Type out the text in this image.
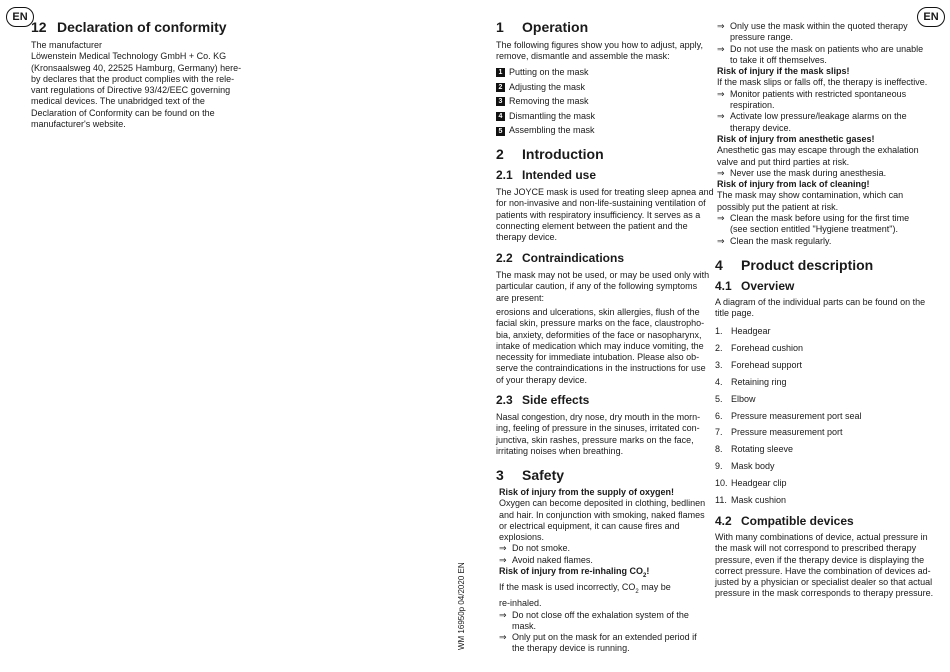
EN
12 Declaration of conformity
The manufacturer
Löwenstein Medical Technology GmbH + Co. KG
(Kronsaalsweg 40, 22525 Hamburg, Germany) here-
by declares that the product complies with the rele-
vant regulations of Directive 93/42/EEC governing
medical devices. The unabridged text of the
Declaration of Conformity can be found on the
manufacturer's website.
WM 16950p 04/2020 EN
1 Operation
The following figures show you how to adjust, apply,
remove, dismantle and assemble the mask:
1 Putting on the mask
2 Adjusting the mask
3 Removing the mask
4 Dismantling the mask
5 Assembling the mask
2 Introduction
2.1 Intended use
The JOYCE mask is used for treating sleep apnea and
for non-invasive and non-life-sustaining ventilation of
patients with respiratory insufficiency. It serves as a
connecting element between the patient and the
therapy device.
2.2 Contraindications
The mask may not be used, or may be used only with
particular caution, if any of the following symptoms
are present:
erosions and ulcerations, skin allergies, flush of the
facial skin, pressure marks on the face, claustropho-
bia, anxiety, deformities of the face or nasopharynx,
intake of medication which may induce vomiting, the
necessity for immediate intubation. Please also ob-
serve the contraindications in the instructions for use
of your therapy device.
2.3 Side effects
Nasal congestion, dry nose, dry mouth in the morn-
ing, feeling of pressure in the sinuses, irritated con-
junctiva, skin rashes, pressure marks on the face,
irritating noises when breathing.
3 Safety
Risk of injury from the supply of oxygen!
Oxygen can become deposited in clothing, bedlinen
and hair. In conjunction with smoking, naked flames
or electrical equipment, it can cause fires and
explosions.
⇒ Do not smoke.
⇒ Avoid naked flames.
Risk of injury from re-inhaling $CO_2$!
If the mask is used incorrectly, $CO_2$ may be
re-inhaled.
⇒ Do not close off the exhalation system of the
mask.
⇒ Only put on the mask for an extended period if
the therapy device is running.
EN
⇒ Only use the mask within the quoted therapy
pressure range.
⇒ Do not use the mask on patients who are unable
to take it off themselves.
Risk of injury if the mask slips!
If the mask slips or falls off, the therapy is ineffective.
⇒ Monitor patients with restricted spontaneous
respiration.
⇒ Activate low pressure/leakage alarms on the
therapy device.
Risk of injury from anesthetic gases!
Anesthetic gas may escape through the exhalation
valve and put third parties at risk.
⇒ Never use the mask during anesthesia.
Risk of injury from lack of cleaning!
The mask may show contamination, which can
possibly put the patient at risk.
⇒ Clean the mask before using for the first time
(see section entitled "Hygiene treatment").
⇒ Clean the mask regularly.
4 Product description
4.1 Overview
A diagram of the individual parts can be found on the
title page.
1. Headgear
2. Forehead cushion
3. Forehead support
4. Retaining ring
5. Elbow
6. Pressure measurement port seal
7. Pressure measurement port
8. Rotating sleeve
9. Mask body
10. Headgear clip
11. Mask cushion
4.2 Compatible devices
With many combinations of device, actual pressure in
the mask will not correspond to prescribed therapy
pressure, even if the therapy device is displaying the
correct pressure. Have the combination of devices ad-
justed by a physician or specialist dealer so that actual
pressure in the mask corresponds to therapy pressure.
